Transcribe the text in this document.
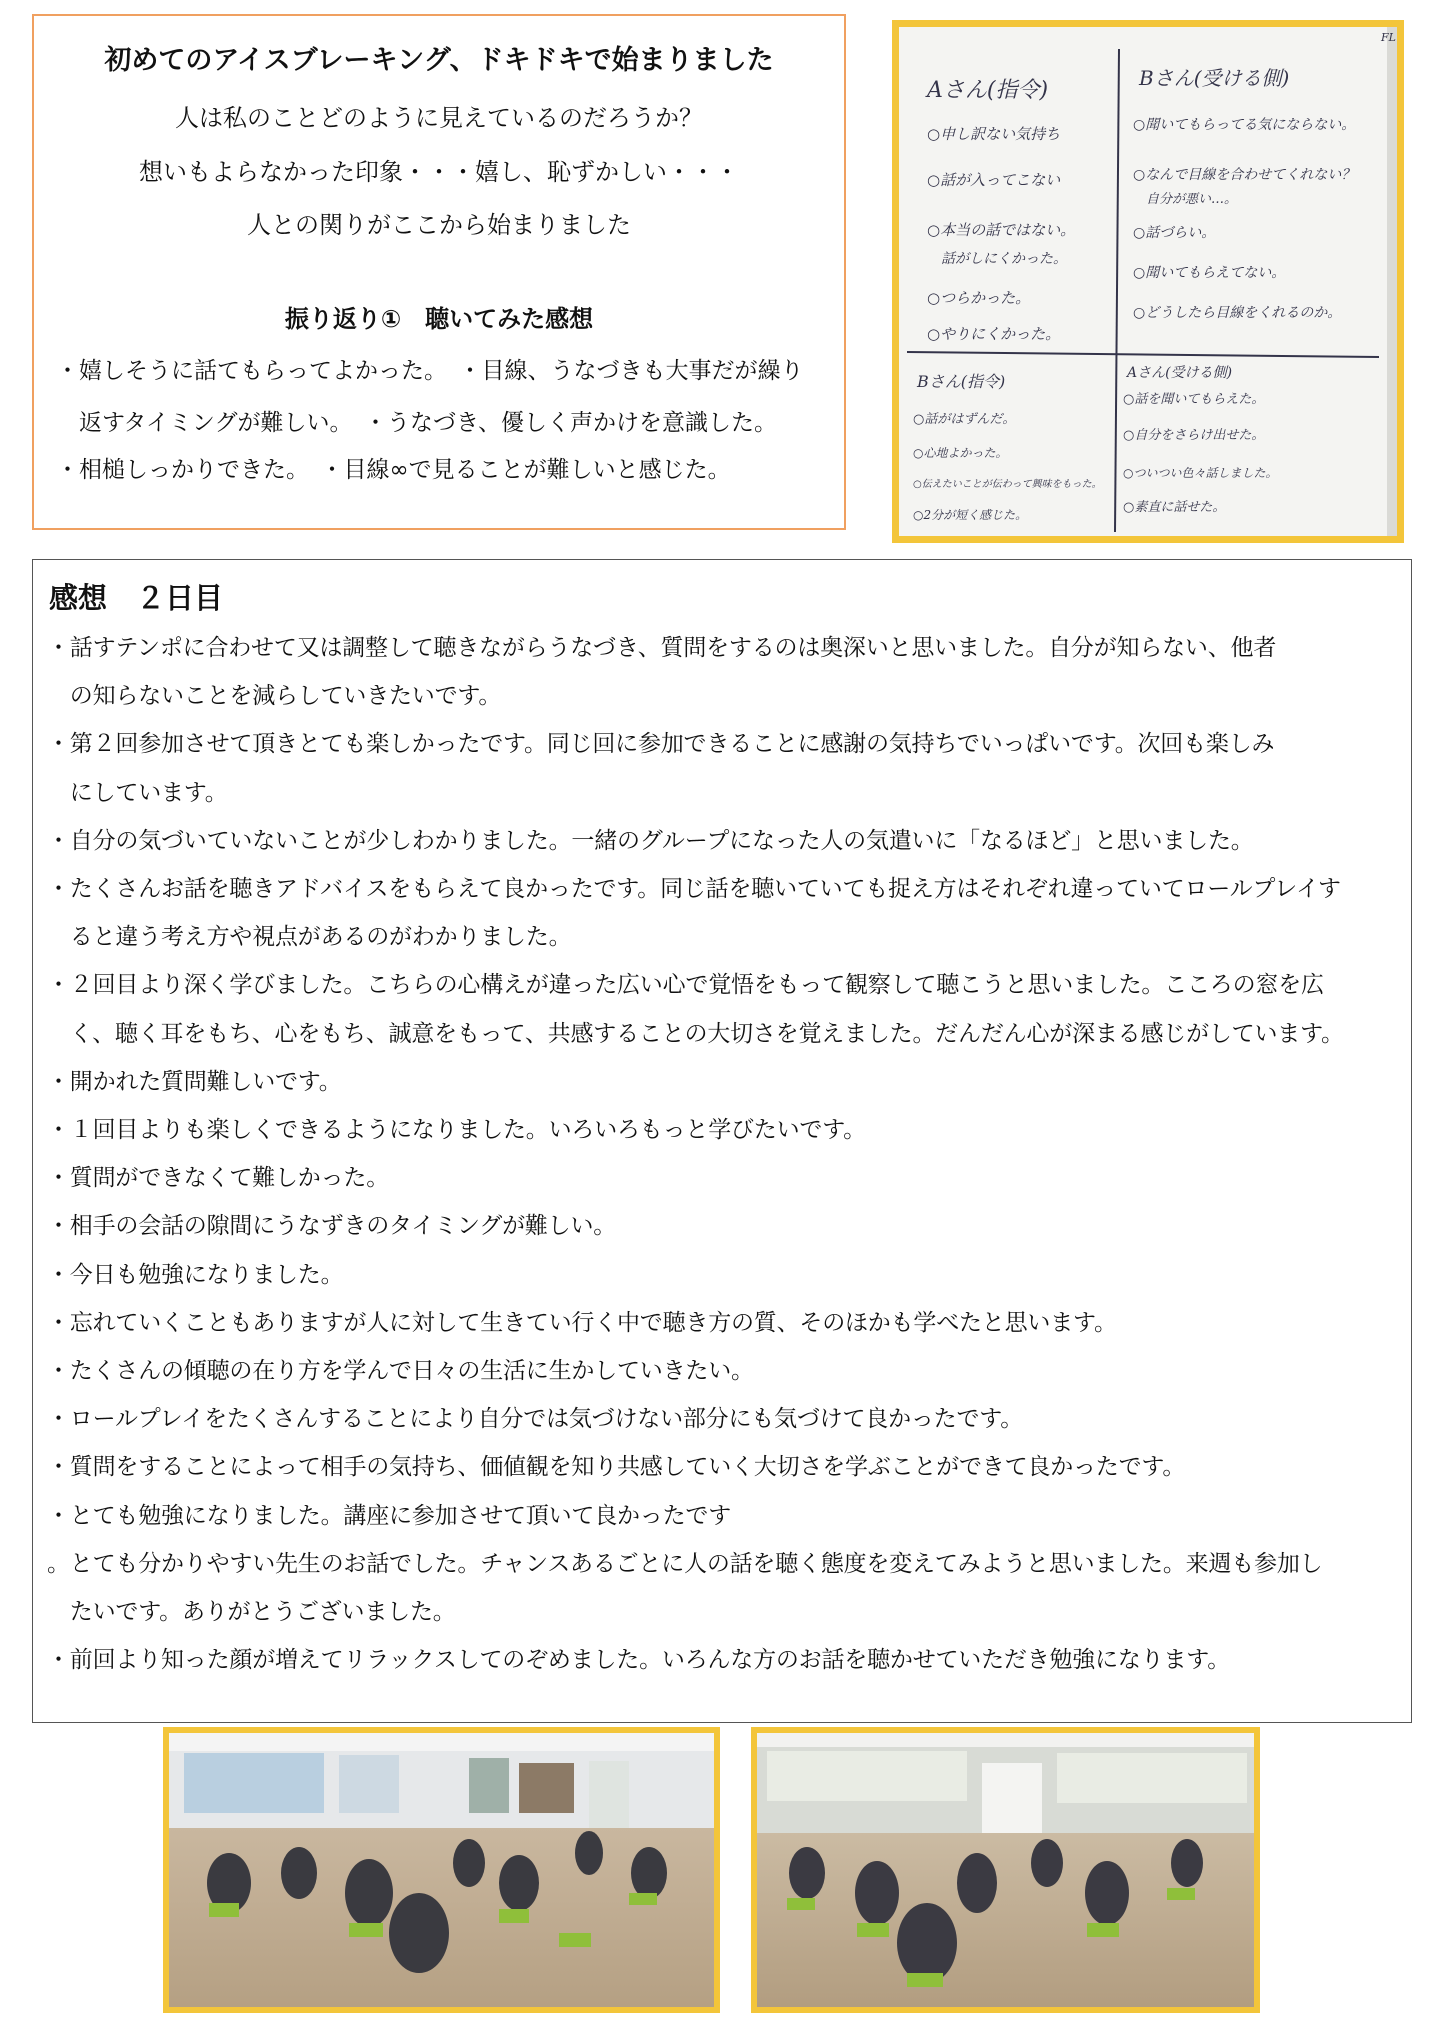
初めてのアイスブレーキング、ドキドキで始まりました
人は私のことどのように見えているのだろうか？
想いもよらなかった印象・・・嬉し、恥ずかしい・・・
人との関りがここから始まりました
振り返り①　聴いてみた感想
・嬉しそうに話てもらってよかった。　・目線、うなづきも大事だが繰り
　返すタイミングが難しい。　・うなづき、優しく声かけを意識した。
・相槌しっかりできた。　・目線∞で見ることが難しいと感じた。
FL
Aさん(指令)
○申し訳ない気持ち
○話が入ってこない
○本当の話ではない。
　話がしにくかった。
○つらかった。
○やりにくかった。
Bさん(受ける側)
○聞いてもらってる気にならない。
○なんで目線を合わせてくれない？
　自分が悪い…。
○話づらい。
○聞いてもらえてない。
○どうしたら目線をくれるのか。
Bさん(指令)
○話がはずんだ。
○心地よかった。
○伝えたいことが伝わって興味をもった。
○2分が短く感じた。
Aさん(受ける側)
○話を聞いてもらえた。
○自分をさらけ出せた。
○ついつい色々話しました。
○素直に話せた。
感想　２日目
・話すテンポに合わせて又は調整して聴きながらうなづき、質問をするのは奥深いと思いました。自分が知らない、他者
　の知らないことを減らしていきたいです。
・第２回参加させて頂きとても楽しかったです。同じ回に参加できることに感謝の気持ちでいっぱいです。次回も楽しみ
　にしています。
・自分の気づいていないことが少しわかりました。一緒のグループになった人の気遣いに「なるほど」と思いました。
・たくさんお話を聴きアドバイスをもらえて良かったです。同じ話を聴いていても捉え方はそれぞれ違っていてロールプレイす
　ると違う考え方や視点があるのがわかりました。
・２回目より深く学びました。こちらの心構えが違った広い心で覚悟をもって観察して聴こうと思いました。こころの窓を広
　く、聴く耳をもち、心をもち、誠意をもって、共感することの大切さを覚えました。だんだん心が深まる感じがしています。
・開かれた質問難しいです。
・１回目よりも楽しくできるようになりました。いろいろもっと学びたいです。
・質問ができなくて難しかった。
・相手の会話の隙間にうなずきのタイミングが難しい。
・今日も勉強になりました。
・忘れていくこともありますが人に対して生きてい行く中で聴き方の質、そのほかも学べたと思います。
・たくさんの傾聴の在り方を学んで日々の生活に生かしていきたい。
・ロールプレイをたくさんすることにより自分では気づけない部分にも気づけて良かったです。
・質問をすることによって相手の気持ち、価値観を知り共感していく大切さを学ぶことができて良かったです。
・とても勉強になりました。講座に参加させて頂いて良かったです
。とても分かりやすい先生のお話でした。チャンスあるごとに人の話を聴く態度を変えてみようと思いました。来週も参加し
　たいです。ありがとうございました。
・前回より知った顔が増えてリラックスしてのぞめました。いろんな方のお話を聴かせていただき勉強になります。
